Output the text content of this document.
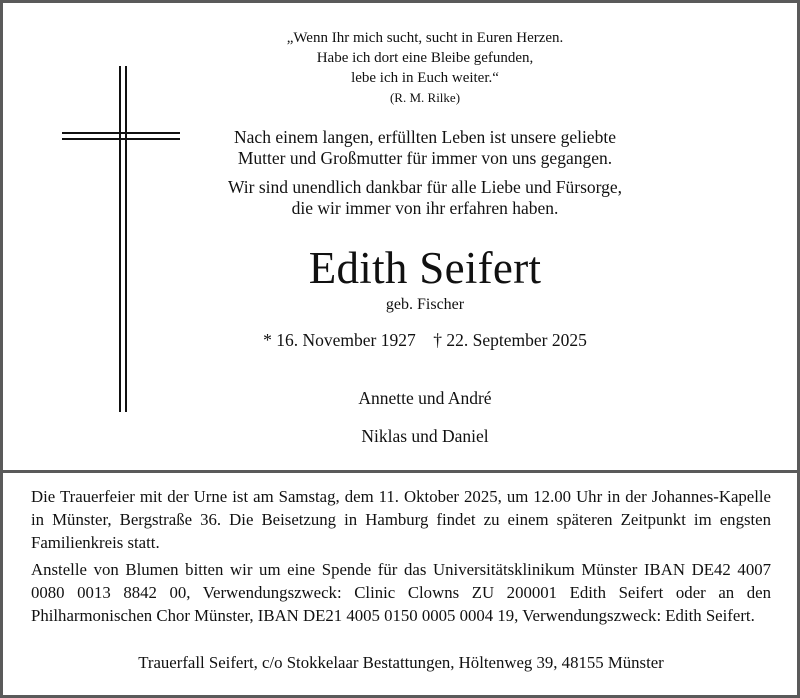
„Wenn Ihr mich sucht, sucht in Euren Herzen.
Habe ich dort eine Bleibe gefunden,
lebe ich in Euch weiter.“
(R. M. Rilke)
Nach einem langen, erfüllten Leben ist unsere geliebte
Mutter und Großmutter für immer von uns gegangen.
Wir sind unendlich dankbar für alle Liebe und Fürsorge,
die wir immer von ihr erfahren haben.
Edith Seifert
geb. Fischer
* 16. November 1927 † 22. September 2025
Annette und André
Niklas und Daniel
Die Trauerfeier mit der Urne ist am Samstag, dem 11. Oktober 2025, um 12.00 Uhr in der Johannes-Kapelle in Münster, Bergstraße 36. Die Beisetzung in Hamburg findet zu einem späteren Zeitpunkt im engsten Familienkreis statt.
Anstelle von Blumen bitten wir um eine Spende für das Universitätsklinikum Münster IBAN DE42 4007 0080 0013 8842 00, Verwendungszweck: Clinic Clowns ZU 200001 Edith Seifert oder an den Philharmonischen Chor Münster, IBAN DE21 4005 0150 0005 0004 19, Verwendungszweck: Edith Seifert.
Trauerfall Seifert, c/o Stokkelaar Bestattungen, Höltenweg 39, 48155 Münster
